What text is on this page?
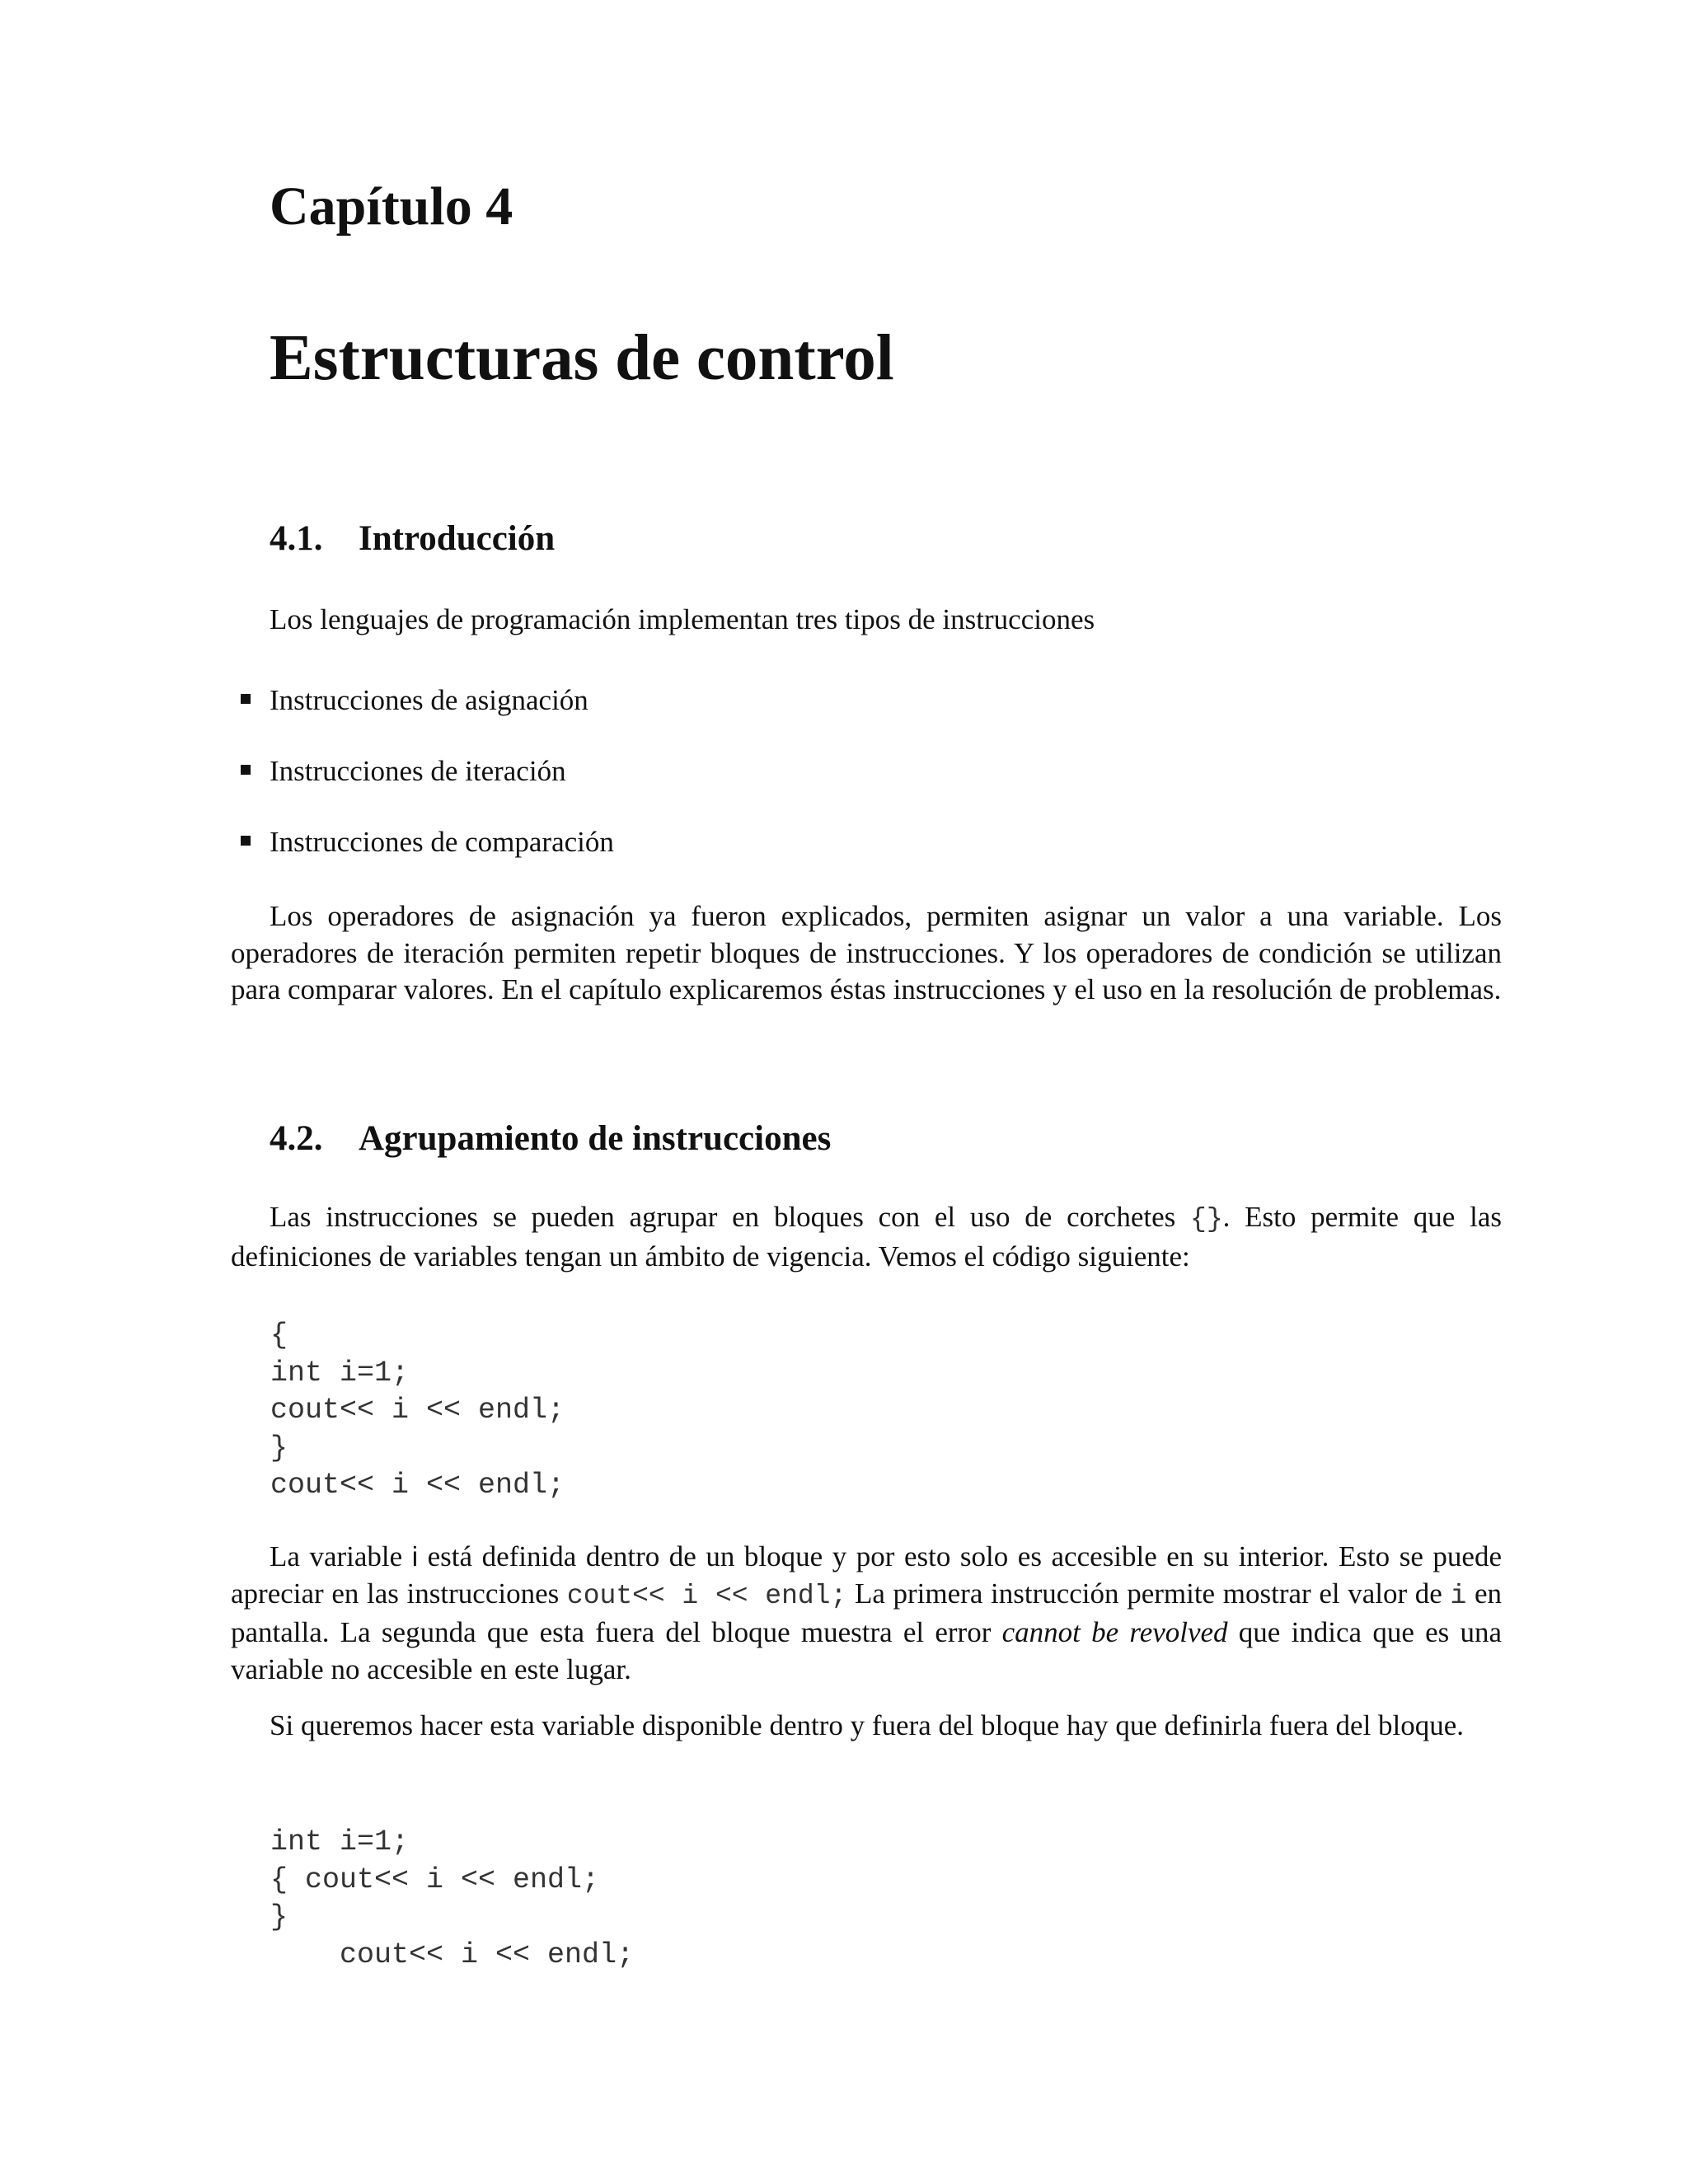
Capítulo 4
Estructuras de control
4.1. Introducción

Los lenguajes de programación implementan tres tipos de instrucciones

Instrucciones de asignación
Instrucciones de iteración
Instrucciones de comparación

Los operadores de asignación ya fueron explicados, permiten asignar un valor a una variable. Los operadores de iteración permiten repetir bloques de instrucciones. Y los operadores de condición se utilizan para comparar valores. En el capítulo explicaremos éstas instrucciones y el uso en la resolución de problemas.

4.2. Agrupamiento de instrucciones

Las instrucciones se pueden agrupar en bloques con el uso de corchetes {}. Esto permite que las definiciones de variables tengan un ámbito de vigencia. Vemos el código siguiente:

{
int i=1;
cout<< i << endl;
}
cout<< i << endl;

La variable i está definida dentro de un bloque y por esto solo es accesible en su interior. Esto se puede apreciar en las instrucciones cout<< i << endl; La primera instrucción permite mostrar el valor de i en pantalla. La segunda que esta fuera del bloque muestra el error cannot be revolved que indica que es una variable no accesible en este lugar.

Si queremos hacer esta variable disponible dentro y fuera del bloque hay que definirla fuera del bloque.

int i=1;
{ cout<< i << endl;
}
cout<< i << endl;
